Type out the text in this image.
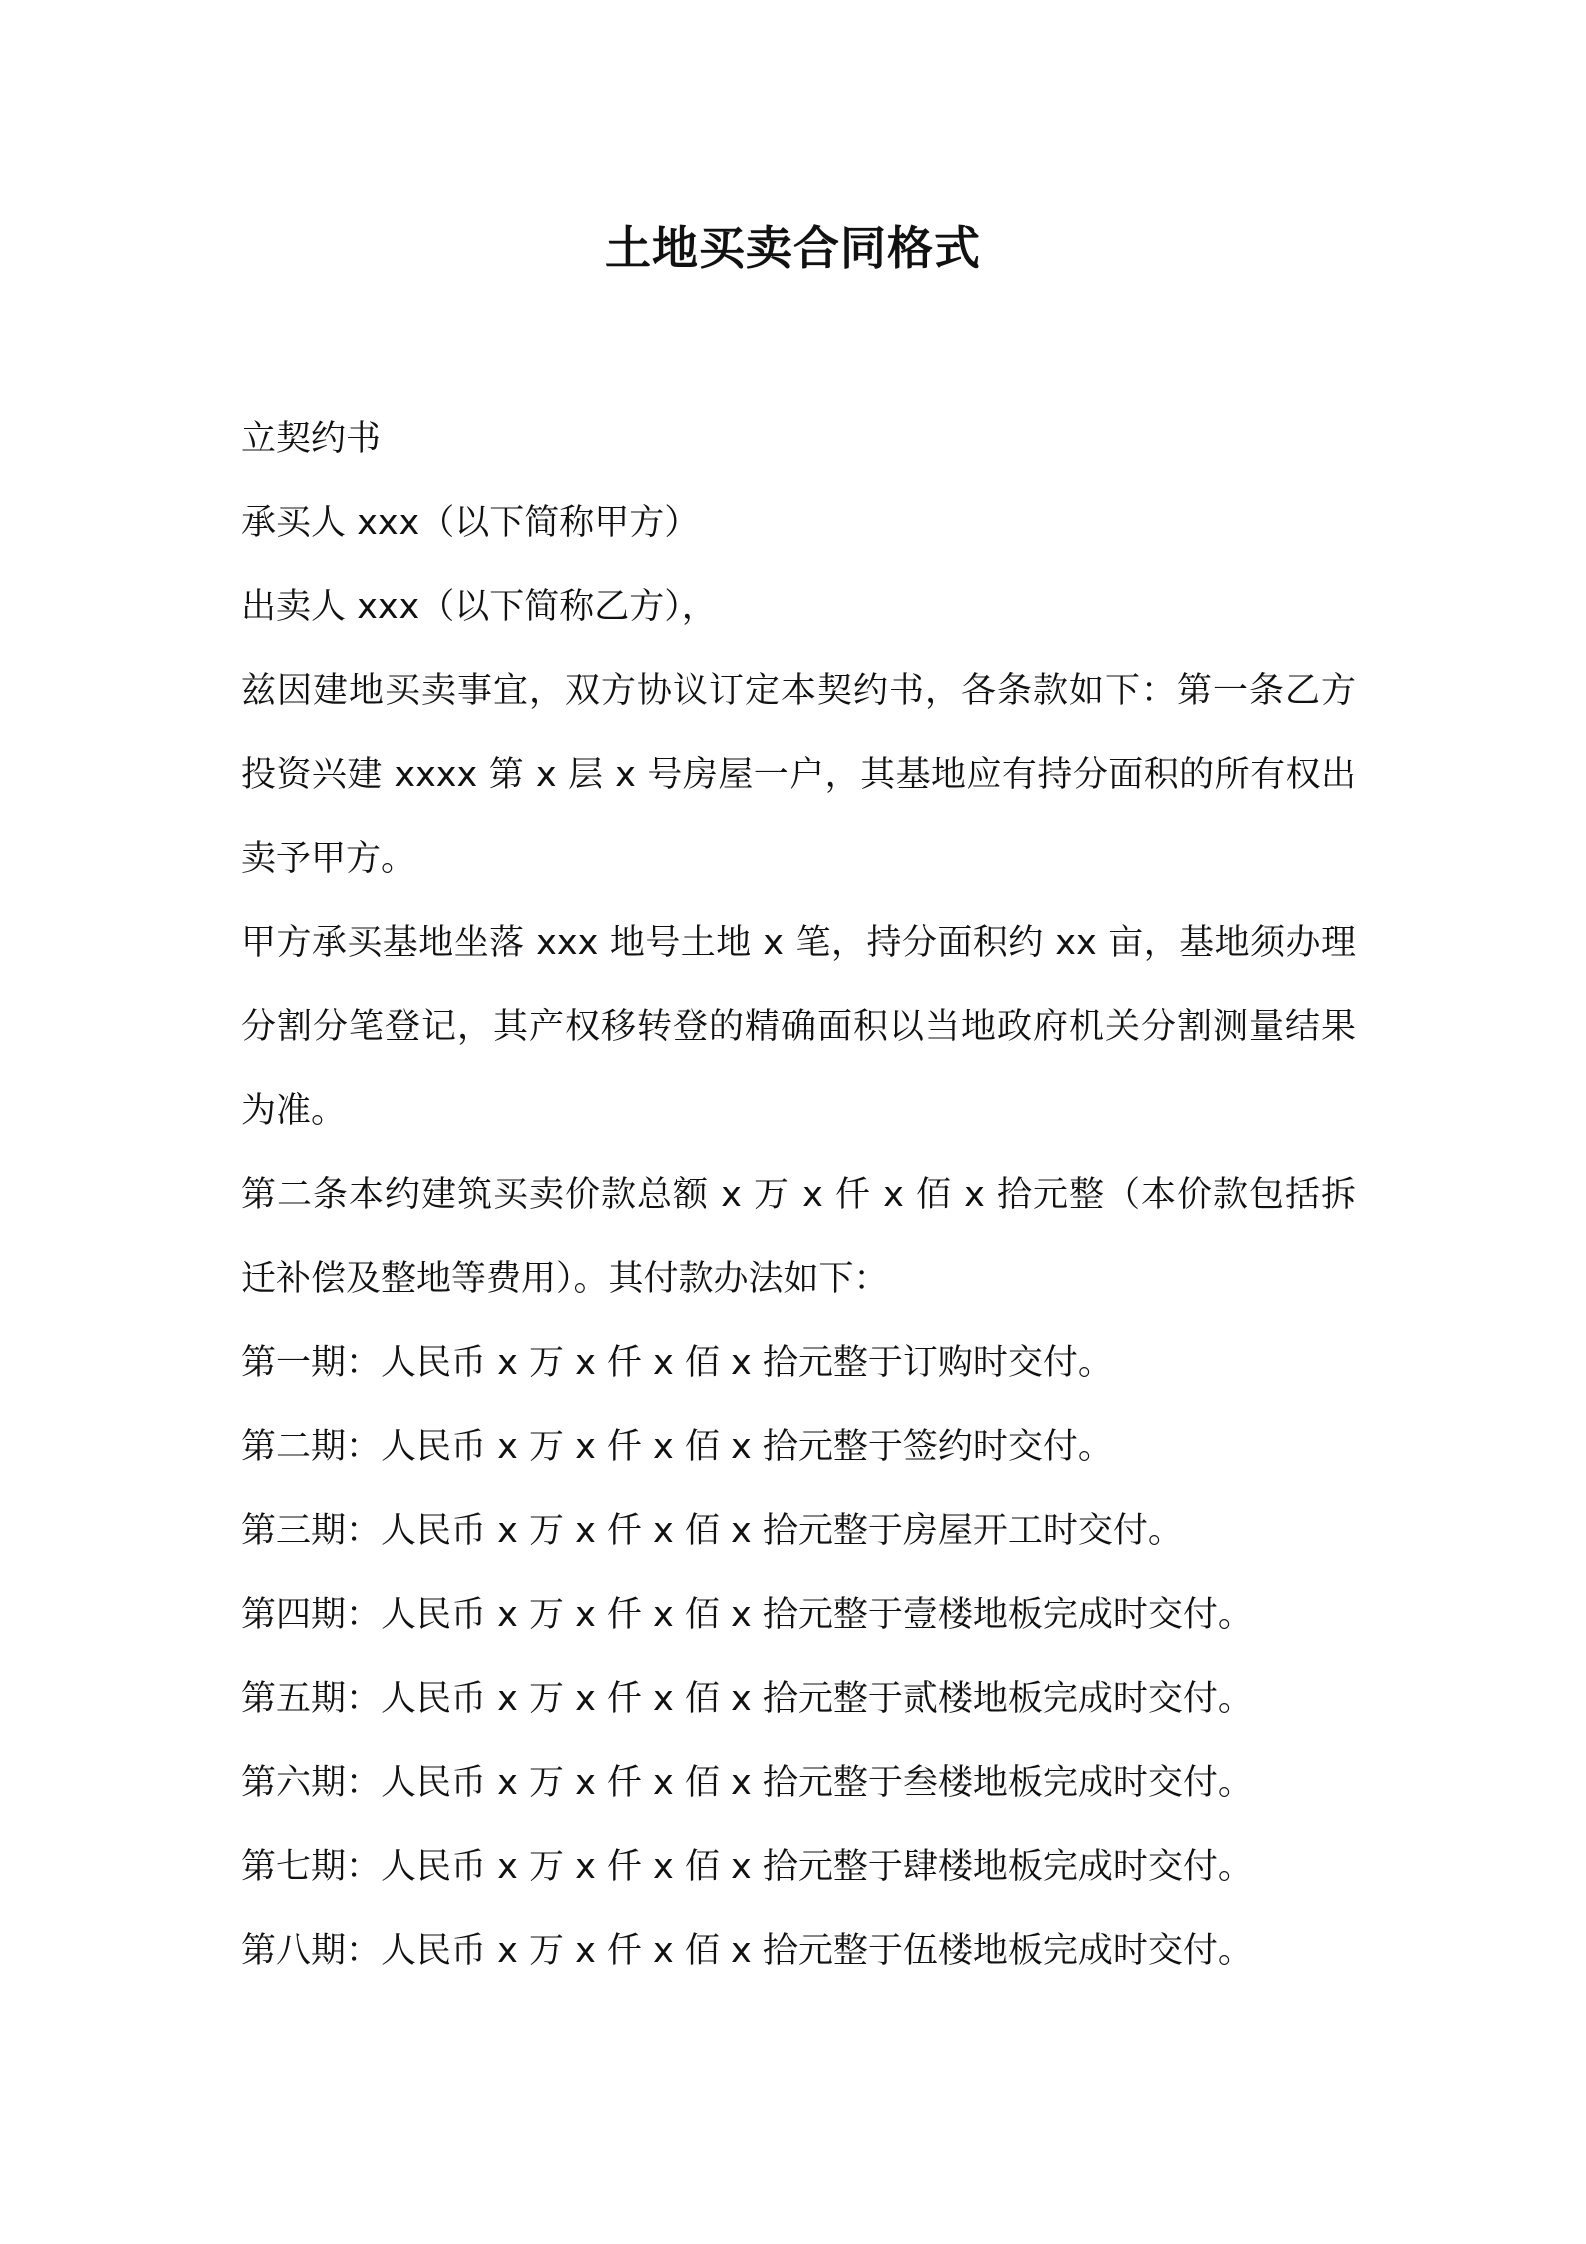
土地买卖合同格式

立契约书

承买人 xxx（以下简称甲方）

出卖人 xxx（以下简称乙方），

兹因建地买卖事宜，双方协议订定本契约书，各条款如下：第一条乙方投资兴建 xxxx 第 x 层 x 号房屋一户，其基地应有持分面积的所有权出卖予甲方。

甲方承买基地坐落 xxx 地号土地 x 笔，持分面积约 xx 亩，基地须办理分割分笔登记，其产权移转登的精确面积以当地政府机关分割测量结果为准。

第二条本约建筑买卖价款总额 x 万 x 仟 x 佰 x 拾元整（本价款包括拆迁补偿及整地等费用）。其付款办法如下：

第一期：人民币 x 万 x 仟 x 佰 x 拾元整于订购时交付。

第二期：人民币 x 万 x 仟 x 佰 x 拾元整于签约时交付。

第三期：人民币 x 万 x 仟 x 佰 x 拾元整于房屋开工时交付。

第四期：人民币 x 万 x 仟 x 佰 x 拾元整于壹楼地板完成时交付。

第五期：人民币 x 万 x 仟 x 佰 x 拾元整于贰楼地板完成时交付。

第六期：人民币 x 万 x 仟 x 佰 x 拾元整于叁楼地板完成时交付。

第七期：人民币 x 万 x 仟 x 佰 x 拾元整于肆楼地板完成时交付。

第八期：人民币 x 万 x 仟 x 佰 x 拾元整于伍楼地板完成时交付。
